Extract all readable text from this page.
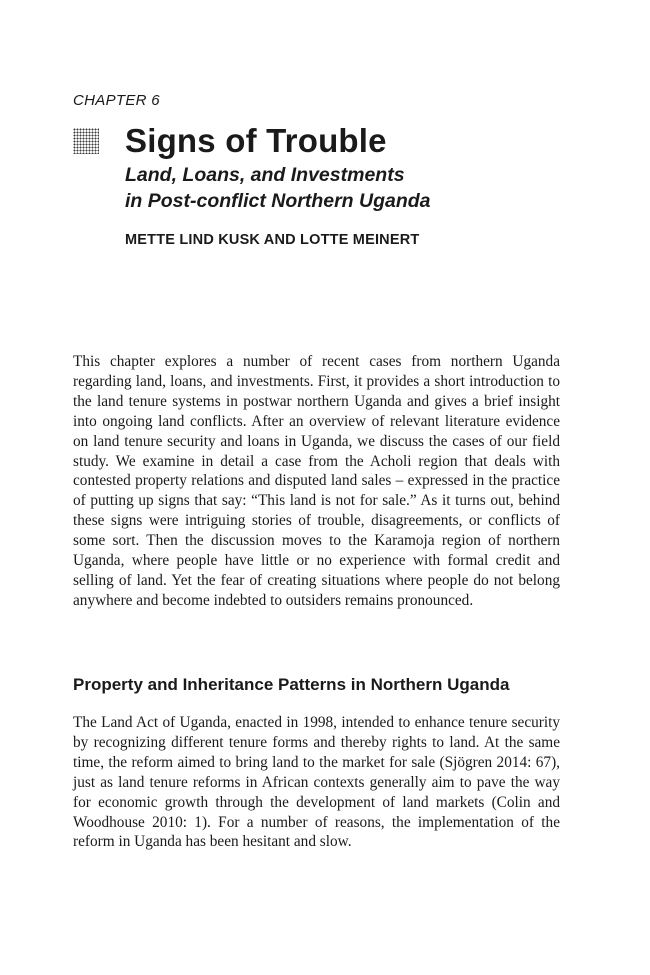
CHAPTER 6
Signs of Trouble
Land, Loans, and Investments
in Post-conflict Northern Uganda
METTE LIND KUSK AND LOTTE MEINERT

This chapter explores a number of recent cases from northern Uganda regarding land, loans, and investments. First, it provides a short introduction to the land tenure systems in postwar northern Uganda and gives a brief insight into ongoing land conflicts. After an overview of relevant literature evidence on land tenure security and loans in Uganda, we discuss the cases of our field study. We examine in detail a case from the Acholi region that deals with contested property relations and disputed land sales – expressed in the practice of putting up signs that say: “This land is not for sale.” As it turns out, behind these signs were intriguing stories of trouble, disagreements, or conflicts of some sort. Then the discussion moves to the Karamoja region of northern Uganda, where people have little or no experience with formal credit and selling of land. Yet the fear of creating situations where people do not belong anywhere and become indebted to outsiders remains pronounced.

Property and Inheritance Patterns in Northern Uganda

The Land Act of Uganda, enacted in 1998, intended to enhance tenure security by recognizing different tenure forms and thereby rights to land. At the same time, the reform aimed to bring land to the market for sale (Sjögren 2014: 67), just as land tenure reforms in African contexts generally aim to pave the way for economic growth through the development of land markets (Colin and Woodhouse 2010: 1). For a number of reasons, the implementation of the reform in Uganda has been hesitant and slow.
